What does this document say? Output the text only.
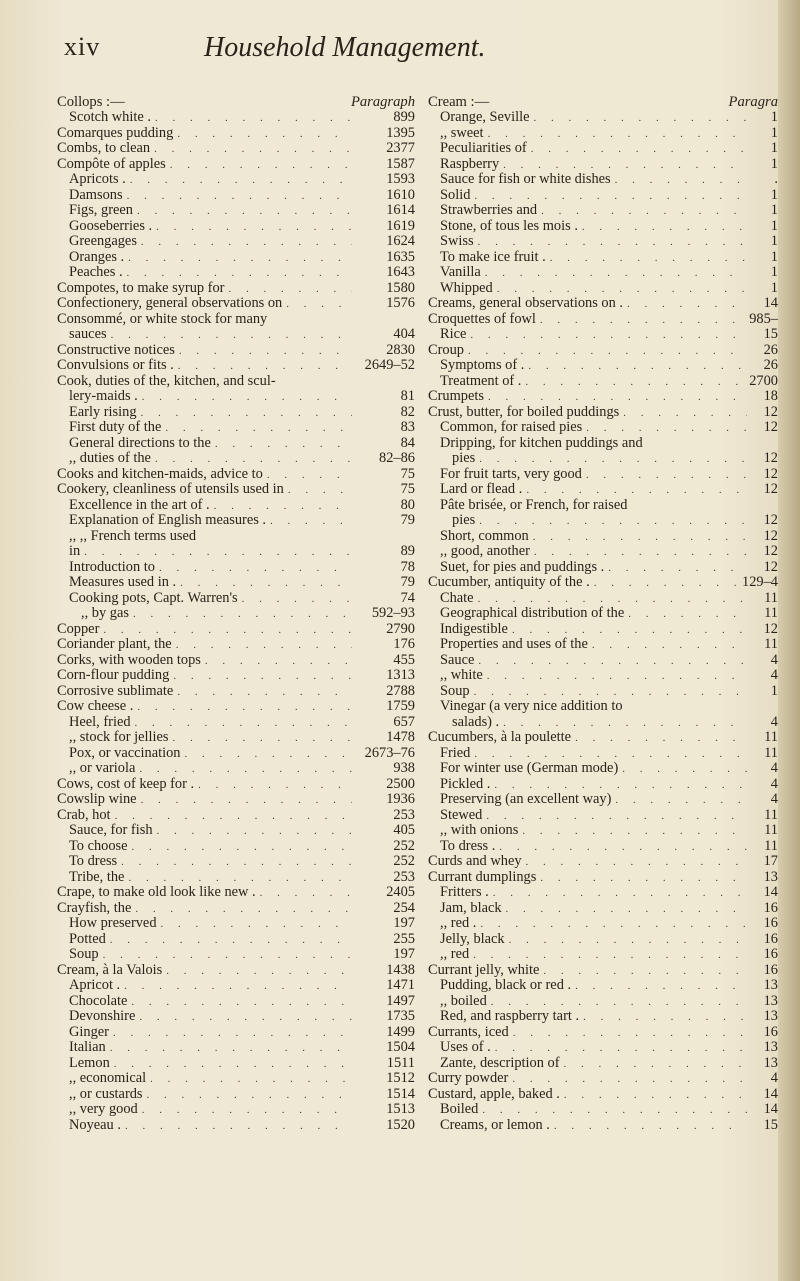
xiv	Household Management.
Collops :—	Paragraph
Scotch white . . . .	899
Comarques pudding . . .	1395
Combs, to clean . . .	2377
Compôte of apples . . .	1587
Apricots . . . .	1593
Damsons . . .	1610
Figs, green . . .	1614
Gooseberries . . . .	1619
Greengages . . .	1624
Oranges . . . .	1635
Peaches . . . .	1643
Compotes, to make syrup for . . .	1580
Confectionery, general observations on . . .	1576
Consommé, or white stock for many
sauces . . .	404
Constructive notices . . .	2830
Convulsions or fits . . . .	2649–52
Cook, duties of the, kitchen, and scul-
lery-maids . . . .	81
Early rising . . .	82
First duty of the . . .	83
General directions to the . . .	84
,, duties of the . . .	82–86
Cooks and kitchen-maids, advice to . . .	75
Cookery, cleanliness of utensils used in . . .	75
Excellence in the art of . . . .	80
Explanation of English measures . . . .	79
,, ,, French terms used
in . . .	89
Introduction to . . .	78
Measures used in . . . .	79
Cooking pots, Capt. Warren's . . .	74
,, by gas . . .	592–93
Copper . . .	2790
Coriander plant, the . . .	176
Corks, with wooden tops . . .	455
Corn-flour pudding . . .	1313
Corrosive sublimate . . .	2788
Cow cheese . . . .	1759
Heel, fried . . .	657
,, stock for jellies . . .	1478
Pox, or vaccination . . .	2673–76
,, or variola . . .	938
Cows, cost of keep for . . . .	2500
Cowslip wine . . .	1936
Crab, hot . . .	253
Sauce, for fish . . .	405
To choose . . .	252
To dress . . .	252
Tribe, the . . .	253
Crape, to make old look like new . . . .	2405
Crayfish, the . . .	254
How preserved . . .	197
Potted . . .	255
Soup . . .	197
Cream, à la Valois . . .	1438
Apricot . . . .	1471
Chocolate . . .	1497
Devonshire . . .	1735
Ginger . . .	1499
Italian . . .	1504
Lemon . . .	1511
,, economical . . .	1512
,, or custards . . .	1514
,, very good . . .	1513
Noyeau . . . .	1520
Cream :—	Paragra
Orange, Seville . . .	1
,, sweet . . .	1
Peculiarities of . . .	1
Raspberry . . .	1
Sauce for fish or white dishes . . .	.
Solid . . .	1
Strawberries and . . .	1
Stone, of tous les mois . . . .	1
Swiss . . .	1
To make ice fruit . . . .	1
Vanilla . . .	1
Whipped . . .	1
Creams, general observations on . . . .	14
Croquettes of fowl . . .	985–
Rice . . .	15
Croup . . .	26
Symptoms of . . . .	26
Treatment of . . . .	2700
Crumpets . . .	18
Crust, butter, for boiled puddings . . .	12
Common, for raised pies . . .	12
Dripping, for kitchen puddings and
pies . . .	12
For fruit tarts, very good . . .	12
Lard or flead . . . .	12
Pâte brisée, or French, for raised
pies . . .	12
Short, common . . .	12
,, good, another . . .	12
Suet, for pies and puddings . . . .	12
Cucumber, antiquity of the . . . .	129–4
Chate . . .	11
Geographical distribution of the . . .	11
Indigestible . . .	12
Properties and uses of the . . .	11
Sauce . . .	4
,, white . . .	4
Soup . . .	1
Vinegar (a very nice addition to
salads) . . . .	4
Cucumbers, à la poulette . . .	11
Fried . . .	11
For winter use (German mode) . . .	4
Pickled . . . .	4
Preserving (an excellent way) . . .	4
Stewed . . .	11
,, with onions . . .	11
To dress . . . .	11
Curds and whey . . .	17
Currant dumplings . . .	13
Fritters . . . .	14
Jam, black . . .	16
,, red . . . .	16
Jelly, black . . .	16
,, red . . .	16
Currant jelly, white . . .	16
Pudding, black or red . . . .	13
,, boiled . . .	13
Red, and raspberry tart . . . .	13
Currants, iced . . .	16
Uses of . . . .	13
Zante, description of . . .	13
Curry powder . . .	4
Custard, apple, baked . . . .	14
Boiled . . .	14
Creams, or lemon . . . .	15
